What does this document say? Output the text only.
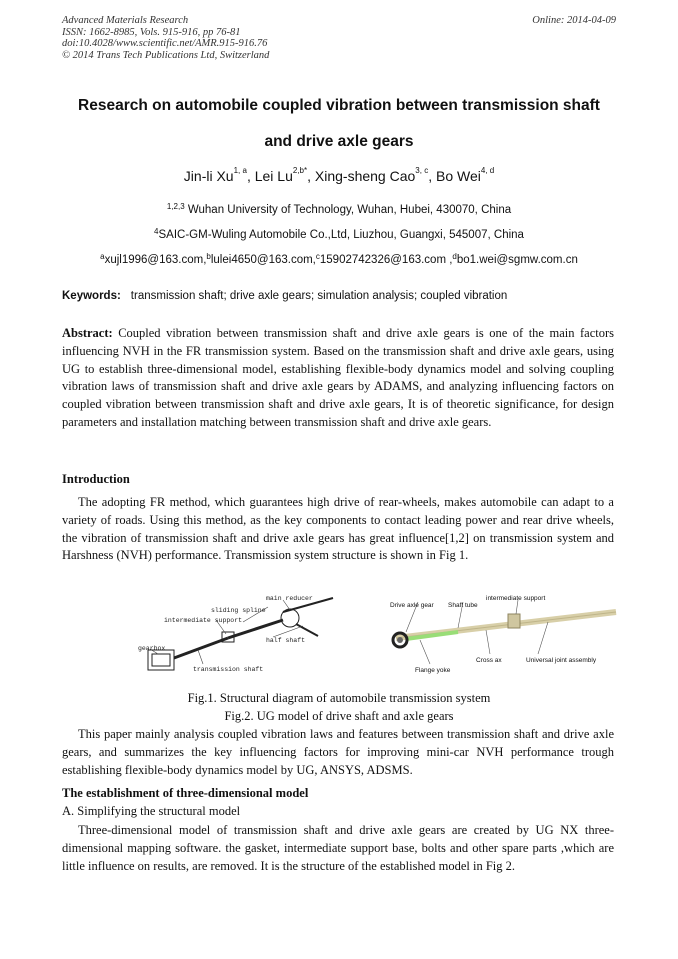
Advanced Materials Research
ISSN: 1662-8985, Vols. 915-916, pp 76-81
doi:10.4028/www.scientific.net/AMR.915-916.76
© 2014 Trans Tech Publications Ltd, Switzerland
Online: 2014-04-09
Research on automobile coupled vibration between transmission shaft
and drive axle gears
Jin-li Xu$^{1, a}$, Lei $Lu^{2,b*}$, Xing-sheng Cao$^{3, c}$, Bo Wei$^{4, d}$
$^{1,2,3}$ Wuhan University of Technology, Wuhan, Hubei, 430070, China
$^4$SAIC-GM-Wuling Automobile Co.,Ltd, Liuzhou, Guangxi, 545007, China
$^a$xujl1996@163.com,$^b$lulei4650@163.com,$^c$15902742326@163.com ,$^d$bo1.wei@sgmw.com.cn
Keywords: transmission shaft; drive axle gears; simulation analysis; coupled vibration
Abstract: Coupled vibration between transmission shaft and drive axle gears is one of the main factors influencing NVH in the FR transmission system. Based on the transmission shaft and drive axle gears, using UG to establish three-dimensional model, establishing flexible-body dynamics model and solving coupling vibration laws of transmission shaft and drive axle gears by ADAMS, and analyzing influencing factors on coupled vibration between transmission shaft and drive axle gears, It is of theoretic significance, for design parameters and installation matching between transmission shaft and drive axle gears.
Introduction
The adopting FR method, which guarantees high drive of rear-wheels, makes automobile can adapt to a variety of roads. Using this method, as the key components to contact leading power and rear drive wheels, the vibration of transmission shaft and drive axle gears has great influence[1,2] on transmission system and Harshness (NVH) performance. Transmission system structure is shown in Fig 1.
main reducer
sliding spline
intermediate support
half shaft
gearbox
transmission shaft
Drive axle gear Shaft tube
intermediate support
Flange yoke
Cross ax	Universal joint assembly
Fig.1. Structural diagram of automobile transmission system
Fig.2. UG model of drive shaft and axle gears
This paper mainly analysis coupled vibration laws and features between transmission shaft and drive axle gears, and summarizes the key influencing factors for improving mini-car NVH performance trough establishing flexible-body dynamics model by UG, ANSYS, ADSMS.
The establishment of three-dimensional model
A. Simplifying the structural model
Three-dimensional model of transmission shaft and drive axle gears are created by UG NX three-dimensional mapping software. the gasket, intermediate support base, bolts and other spare parts ,which are little influence on results, are removed. It is the structure of the established model in Fig 2.
